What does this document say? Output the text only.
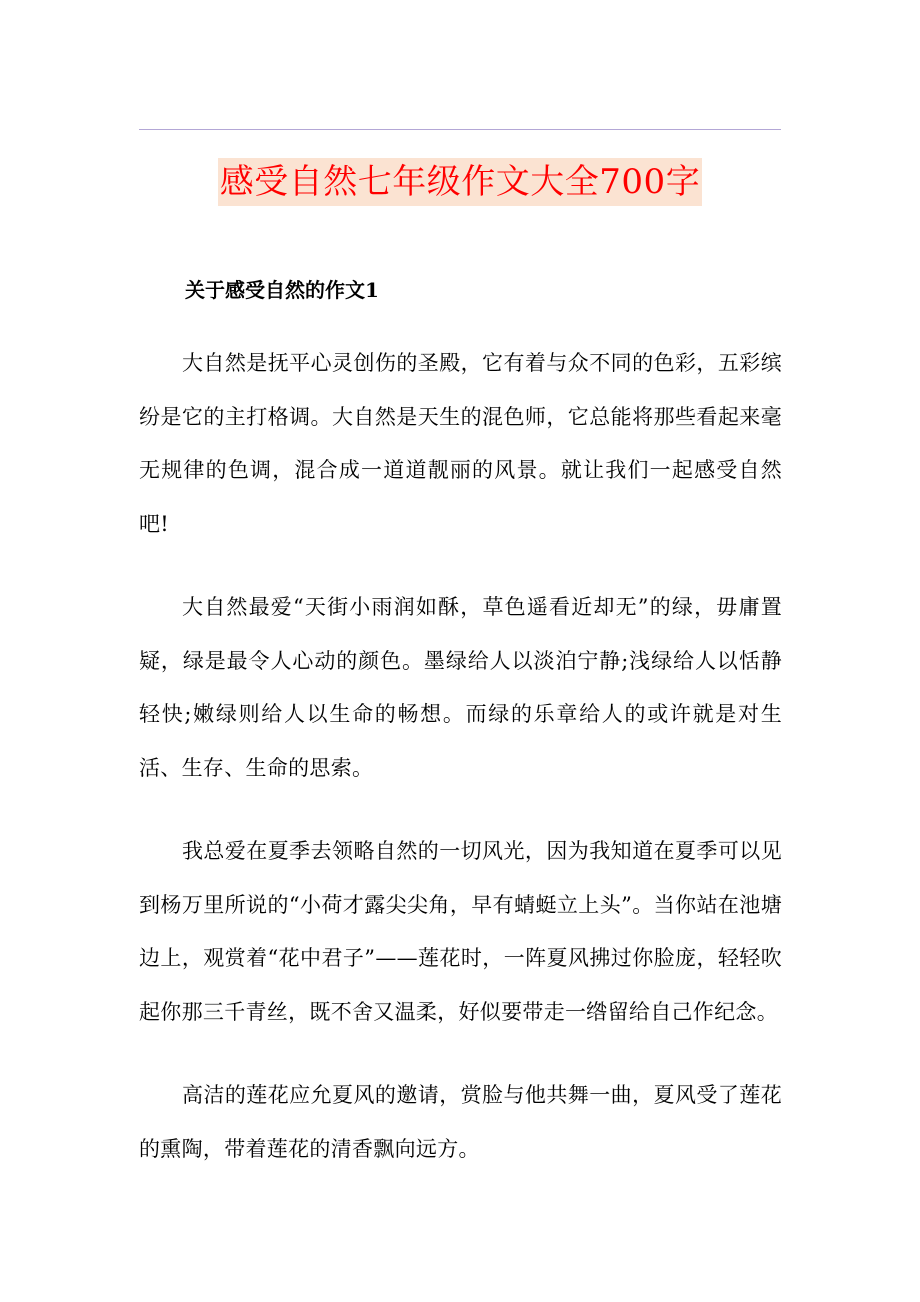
感受自然七年级作文大全700字

关于感受自然的作文1

大自然是抚平心灵创伤的圣殿，它有着与众不同的色彩，五彩缤纷是它的主打格调。大自然是天生的混色师，它总能将那些看起来毫无规律的色调，混合成一道道靓丽的风景。就让我们一起感受自然吧!

大自然最爱“天街小雨润如酥，草色遥看近却无”的绿，毋庸置疑，绿是最令人心动的颜色。墨绿给人以淡泊宁静;浅绿给人以恬静轻快;嫩绿则给人以生命的畅想。而绿的乐章给人的或许就是对生活、生存、生命的思索。

我总爱在夏季去领略自然的一切风光，因为我知道在夏季可以见到杨万里所说的“小荷才露尖尖角，早有蜻蜓立上头”。当你站在池塘边上，观赏着“花中君子”——莲花时，一阵夏风拂过你脸庞，轻轻吹起你那三千青丝，既不舍又温柔，好似要带走一绺留给自己作纪念。

高洁的莲花应允夏风的邀请，赏脸与他共舞一曲，夏风受了莲花的熏陶，带着莲花的清香飘向远方。
